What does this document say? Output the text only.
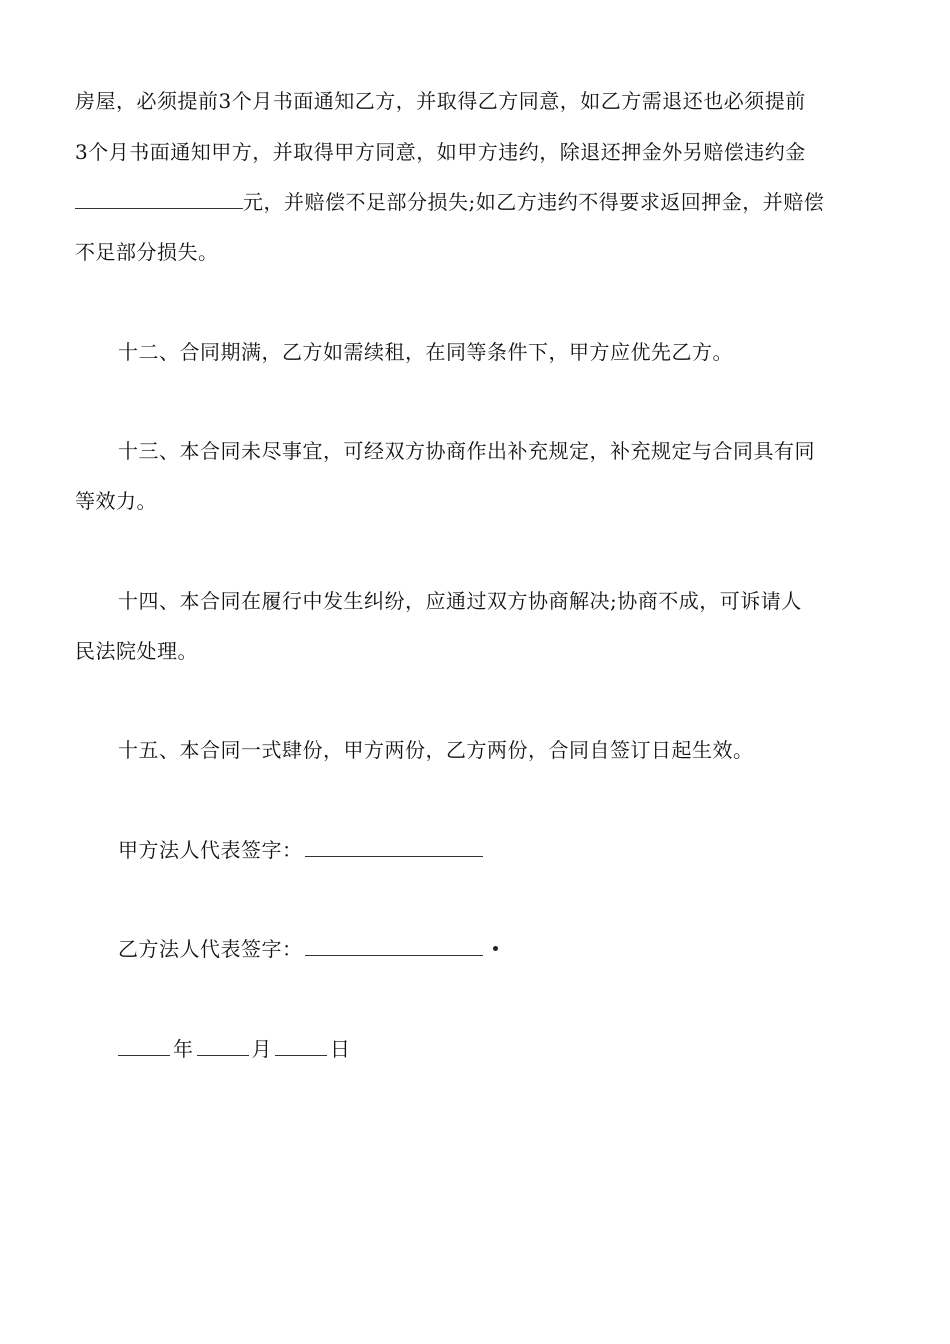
房屋，必须提前3个月书面通知乙方，并取得乙方同意，如乙方需退还也必须提前
3个月书面通知甲方，并取得甲方同意，如甲方违约，除退还押金外另赔偿违约金
元，并赔偿不足部分损失;如乙方违约不得要求返回押金，并赔偿
不足部分损失。
十二、合同期满，乙方如需续租，在同等条件下，甲方应优先乙方。
十三、本合同未尽事宜，可经双方协商作出补充规定，补充规定与合同具有同
等效力。
十四、本合同在履行中发生纠纷，应通过双方协商解决;协商不成，可诉请人
民法院处理。
十五、本合同一式肆份，甲方两份，乙方两份，合同自签订日起生效。
甲方法人代表签字：
乙方法人代表签字：
年	月	日
